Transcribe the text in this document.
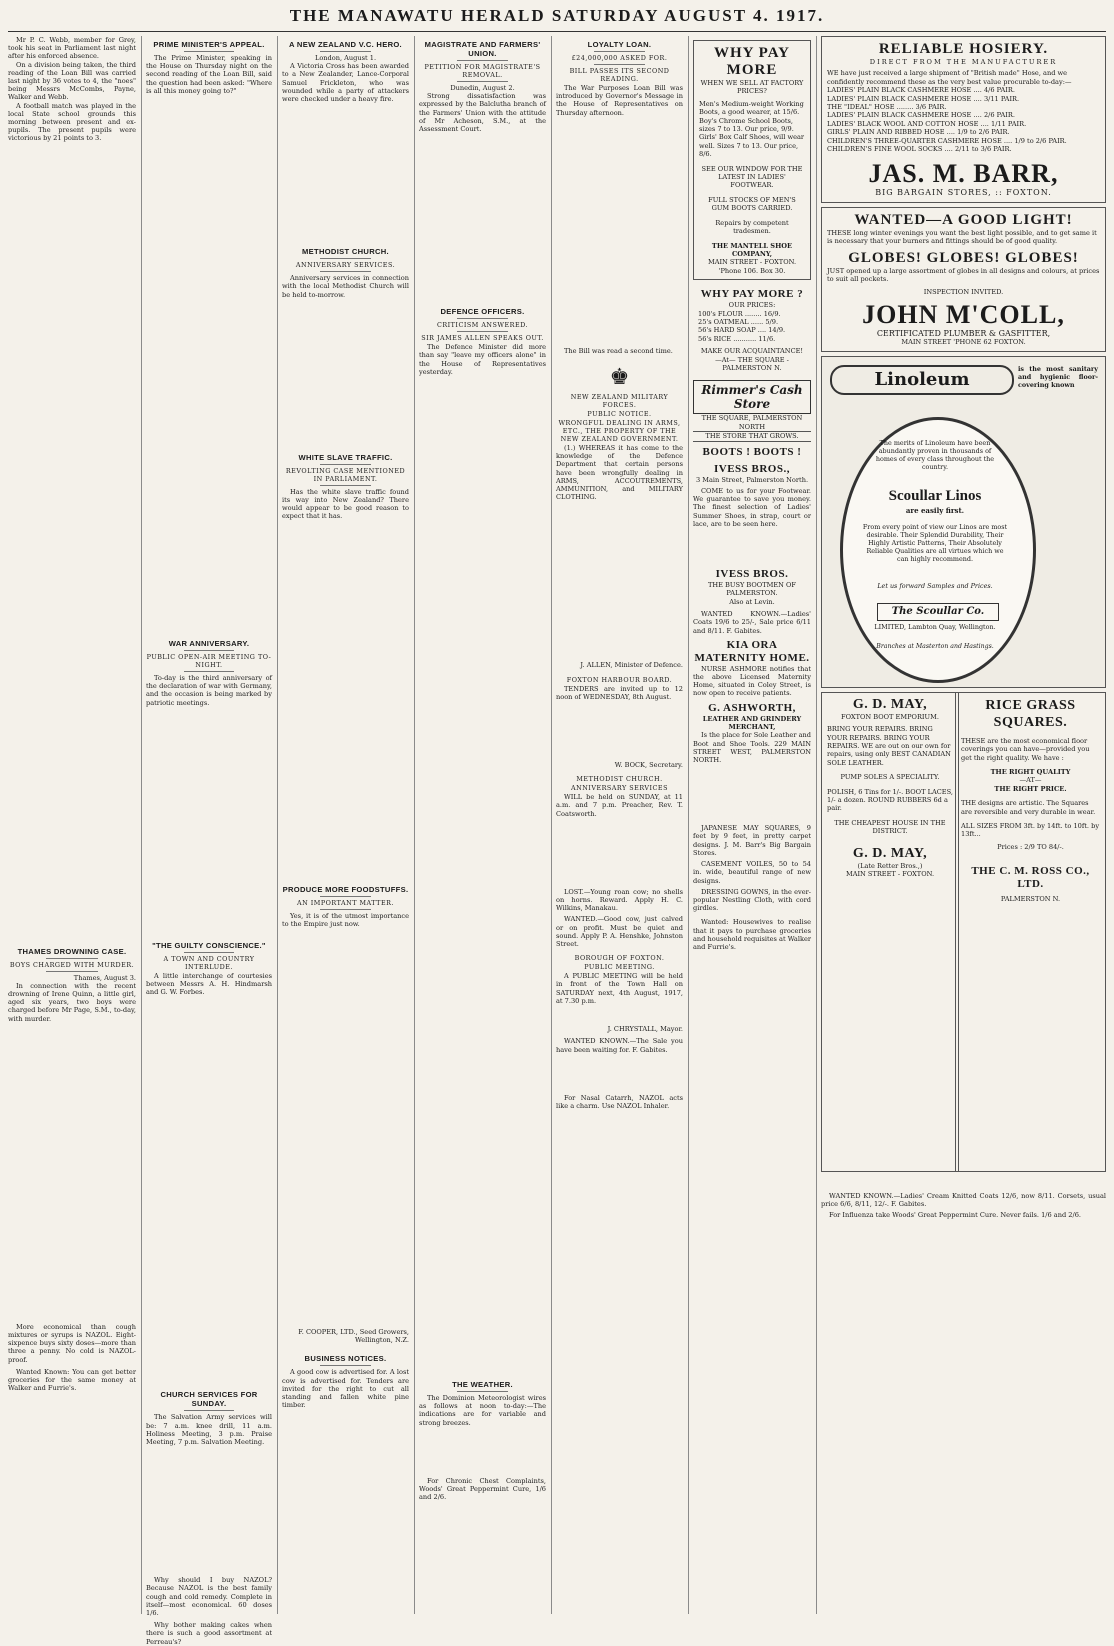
THE MANAWATU HERALD SATURDAY AUGUST 4. 1917.

Mr P. C. Webb, member for Grey, took his seat in Parliament last night after his enforced absence.

On a division being taken, the third reading of the Loan Bill was carried last night by 36 votes to 4, the "noes" being Messrs McCombs, Payne, Walker and Webb.

A football match was played in the local State school grounds this morning between present and ex-pupils. The present pupils were victorious by 21 points to 3.

THAMES DROWNING CASE.
BOYS CHARGED WITH MURDER.
Thames, August 3.

In connection with the recent drowning of Irene Quinn, a little girl, aged six years, two boys were charged before Mr Page, S.M., to-day, with murder.

More economical than cough mixtures or syrups is NAZOL. Eight-sixpence buys sixty doses—more than three a penny. No cold is NAZOL-proof.

Wanted Known: You can get better groceries for the same money at Walker and Furrie's.

PRIME MINISTER'S APPEAL.

The Prime Minister, speaking in the House on Thursday night on the second reading of the Loan Bill, said the question had been asked: "Where is all this money going to?"

WAR ANNIVERSARY.
PUBLIC OPEN-AIR MEETING TO-NIGHT.

To-day is the third anniversary of the declaration of war with Germany, and the occasion is being marked by patriotic meetings.

"THE GUILTY CONSCIENCE."
A TOWN AND COUNTRY INTERLUDE.

A little interchange of courtesies between Messrs A. H. Hindmarsh and G. W. Forbes.

CHURCH SERVICES FOR SUNDAY.

The Salvation Army services will be: 7 a.m. knee drill, 11 a.m. Holiness Meeting, 3 p.m. Praise Meeting, 7 p.m. Salvation Meeting.

Why should I buy NAZOL? Because NAZOL is the best family cough and cold remedy. Complete in itself—most economical. 60 doses 1/6.

Why bother making cakes when there is such a good assortment at Perreau's?

A NEW ZEALAND V.C. HERO.
London, August 1.

A Victoria Cross has been awarded to a New Zealander, Lance-Corporal Samuel Frickleton, who was wounded while a party of attackers were checked under a heavy fire.

METHODIST CHURCH.
ANNIVERSARY SERVICES.

Anniversary services in connection with the local Methodist Church will be held to-morrow.

WHITE SLAVE TRAFFIC.
REVOLTING CASE MENTIONED IN PARLIAMENT.

Has the white slave traffic found its way into New Zealand? There would appear to be good reason to expect that it has.

PRODUCE MORE FOODSTUFFS.
AN IMPORTANT MATTER.

Yes, it is of the utmost importance to the Empire just now.

F. COOPER, LTD., Seed Growers, Wellington, N.Z.
BUSINESS NOTICES.

A good cow is advertised for. A lost cow is advertised for. Tenders are invited for the right to cut all standing and fallen white pine timber.

MAGISTRATE AND FARMERS' UNION.
PETITION FOR MAGISTRATE'S REMOVAL.
Dunedin, August 2.

Strong dissatisfaction was expressed by the Balclutha branch of the Farmers' Union with the attitude of Mr Acheson, S.M., at the Assessment Court.

DEFENCE OFFICERS.
CRITICISM ANSWERED.
SIR JAMES ALLEN SPEAKS OUT.

The Defence Minister did more than say "leave my officers alone" in the House of Representatives yesterday.

THE WEATHER.

The Dominion Meteorologist wires as follows at noon to-day:—The indications are for variable and strong breezes.

For Chronic Chest Complaints, Woods' Great Peppermint Cure, 1/6 and 2/6.

LOYALTY LOAN.
£24,000,000 ASKED FOR.
BILL PASSES ITS SECOND READING.

The War Purposes Loan Bill was introduced by Governor's Message in the House of Representatives on Thursday afternoon.

The Bill was read a second time.

♚
NEW ZEALAND MILITARY FORCES.
PUBLIC NOTICE.
WRONGFUL DEALING IN ARMS, ETC., THE PROPERTY OF THE NEW ZEALAND GOVERNMENT.

(1.) WHEREAS it has come to the knowledge of the Defence Department that certain persons have been wrongfully dealing in ARMS, ACCOUTREMENTS, AMMUNITION, and MILITARY CLOTHING.

J. ALLEN, Minister of Defence.
FOXTON HARBOUR BOARD.

TENDERS are invited up to 12 noon of WEDNESDAY, 8th August.

W. BOCK, Secretary.
METHODIST CHURCH.
ANNIVERSARY SERVICES

WILL be held on SUNDAY, at 11 a.m. and 7 p.m. Preacher, Rev. T. Coatsworth.

LOST.—Young roan cow; no shells on horns. Reward. Apply H. C. Wilkins, Manakau.

WANTED.—Good cow, just calved or on profit. Must be quiet and sound. Apply P. A. Henshke, Johnston Street.

BOROUGH OF FOXTON.
PUBLIC MEETING.

A PUBLIC MEETING will be held in front of the Town Hall on SATURDAY next, 4th August, 1917, at 7.30 p.m.

J. CHRYSTALL, Mayor.

WANTED KNOWN.—The Sale you have been waiting for. F. Gabites.

For Nasal Catarrh, NAZOL acts like a charm. Use NAZOL Inhaler.

WHY PAY MORE
WHEN WE SELL AT FACTORY PRICES?
Men's Medium-weight Working Boots, a good wearer, at 15/6. Boy's Chrome School Boots, sizes 7 to 13. Our price, 9/9. Girls' Box Calf Shoes, will wear well. Sizes 7 to 13. Our price, 8/6.
SEE OUR WINDOW FOR THE LATEST IN LADIES' FOOTWEAR.
FULL STOCKS OF MEN'S GUM BOOTS CARRIED.
Repairs by competent tradesmen.
THE MANTELL SHOE COMPANY,
MAIN STREET - FOXTON.
'Phone 106. Box 30.
WHY PAY MORE ?
OUR PRICES:
100's FLOUR ........ 16/9.
25's OATMEAL ...... 5/9.
56's HARD SOAP .... 14/9.
56's RICE ........... 11/6.
MAKE OUR ACQUAINTANCE! —At— THE SQUARE - PALMERSTON N.
Rimmer's Cash Store
THE SQUARE, PALMERSTON NORTH
THE STORE THAT GROWS.
BOOTS ! BOOTS !
IVESS BROS.,
3 Main Street, Palmerston North.

COME to us for your Footwear. We guarantee to save you money. The finest selection of Ladies' Summer Shoes, in strap, court or lace, are to be seen here.

IVESS BROS.
THE BUSY BOOTMEN OF PALMERSTON.
Also at Levin.

WANTED KNOWN.—Ladies' Coats 19/6 to 25/-, Sale price 6/11 and 8/11. F. Gabites.

KIA ORA MATERNITY HOME.

NURSE ASHMORE notifies that the above Licensed Maternity Home, situated in Coley Street, is now open to receive patients.

G. ASHWORTH,
LEATHER AND GRINDERY MERCHANT,

Is the place for Sole Leather and Boot and Shoe Tools. 229 MAIN STREET WEST, PALMERSTON NORTH.

JAPANESE MAY SQUARES, 9 feet by 9 feet, in pretty carpet designs. J. M. Barr's Big Bargain Stores.

CASEMENT VOILES, 50 to 54 in. wide, beautiful range of new designs.

DRESSING GOWNS, in the ever-popular Nestling Cloth, with cord girdles.

Wanted: Housewives to realise that it pays to purchase groceries and household requisites at Walker and Furrie's.

RELIABLE HOSIERY.
DIRECT FROM THE MANUFACTURER
WE have just received a large shipment of "British made" Hose, and we confidently recommend these as the very best value procurable to-day:—
LADIES' PLAIN BLACK CASHMERE HOSE .... 4/6 PAIR.
LADIES' PLAIN BLACK CASHMERE HOSE .... 3/11 PAIR.
THE "IDEAL" HOSE ........ 3/6 PAIR.
LADIES' PLAIN BLACK CASHMERE HOSE .... 2/6 PAIR.
LADIES' BLACK WOOL AND COTTON HOSE .... 1/11 PAIR.
GIRLS' PLAIN AND RIBBED HOSE .... 1/9 to 2/6 PAIR.
CHILDREN'S THREE-QUARTER CASHMERE HOSE .... 1/9 to 2/6 PAIR.
CHILDREN'S FINE WOOL SOCKS .... 2/11 to 3/6 PAIR.
JAS. M. BARR,
BIG BARGAIN STORES, :: FOXTON.
WANTED—A GOOD LIGHT!
THESE long winter evenings you want the best light possible, and to get same it is necessary that your burners and fittings should be of good quality.
GLOBES! GLOBES! GLOBES!
JUST opened up a large assortment of globes in all designs and colours, at prices to suit all pockets.
INSPECTION INVITED.
JOHN M'COLL,
CERTIFICATED PLUMBER & GASFITTER,
MAIN STREET 'PHONE 62 FOXTON.
Linoleum	is the most sanitary and hygienic floor-covering known
The merits of Linoleum have been abundantly proven in thousands of homes of every class throughout the country.
Scoullar Linos
are easily first.
From every point of view our Linos are most desirable. Their Splendid Durability, Their Highly Artistic Patterns, Their Absolutely Reliable Qualities are all virtues which we can highly recommend.
Let us forward Samples and Prices.
The Scoullar Co.
LIMITED, Lambton Quay, Wellington.
Branches at Masterton and Hastings.
G. D. MAY,
FOXTON BOOT EMPORIUM.
BRING YOUR REPAIRS. BRING YOUR REPAIRS. BRING YOUR REPAIRS. WE are out on our own for repairs, using only BEST CANADIAN SOLE LEATHER.
PUMP SOLES A SPECIALITY.
POLISH, 6 Tins for 1/-. BOOT LACES, 1/- a dozen. ROUND RUBBERS 6d a pair.
THE CHEAPEST HOUSE IN THE DISTRICT.
G. D. MAY,
(Late Retter Bros.,)
MAIN STREET - FOXTON.
RICE GRASS SQUARES.
THESE are the most economical floor coverings you can have—provided you get the right quality. We have :
THE RIGHT QUALITY
—AT—
THE RIGHT PRICE.
THE designs are artistic. The Squares are reversible and very durable in wear.
ALL SIZES FROM 3ft. by 14ft. to 10ft. by 13ft...
Prices : 2/9 TO 84/-.
THE C. M. ROSS CO., LTD.
PALMERSTON N.

WANTED KNOWN.—Ladies' Cream Knitted Coats 12/6, now 8/11. Corsets, usual price 6/6, 8/11, 12/-. F. Gabites.

For Influenza take Woods' Great Peppermint Cure. Never fails. 1/6 and 2/6.
